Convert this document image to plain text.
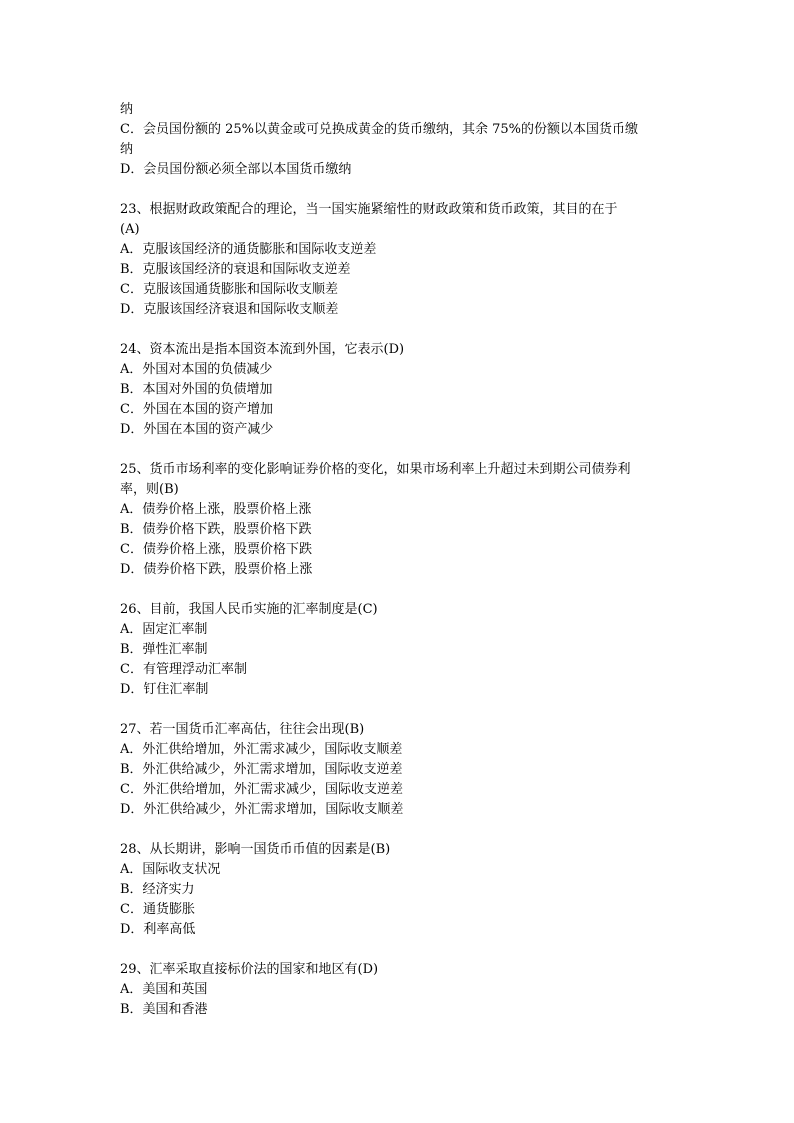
纳
C．会员国份额的 25%以黄金或可兑换成黄金的货币缴纳，其余 75%的份额以本国货币缴
纳
D．会员国份额必须全部以本国货币缴纳
23、根据财政政策配合的理论，当一国实施紧缩性的财政政策和货币政策，其目的在于
(A)
A．克服该国经济的通货膨胀和国际收支逆差
B．克服该国经济的衰退和国际收支逆差
C．克服该国通货膨胀和国际收支顺差
D．克服该国经济衰退和国际收支顺差
24、资本流出是指本国资本流到外国，它表示(D)
A．外国对本国的负债减少
B．本国对外国的负债增加
C．外国在本国的资产增加
D．外国在本国的资产减少
25、货币市场利率的变化影响证券价格的变化，如果市场利率上升超过未到期公司债券利
率，则(B)
A．债券价格上涨，股票价格上涨
B．债券价格下跌，股票价格下跌
C．债券价格上涨，股票价格下跌
D．债券价格下跌，股票价格上涨
26、目前，我国人民币实施的汇率制度是(C)
A．固定汇率制
B．弹性汇率制
C．有管理浮动汇率制
D．钉住汇率制
27、若一国货币汇率高估，往往会出现(B)
A．外汇供给增加，外汇需求减少，国际收支顺差
B．外汇供给减少，外汇需求增加，国际收支逆差
C．外汇供给增加，外汇需求减少，国际收支逆差
D．外汇供给减少，外汇需求增加，国际收支顺差
28、从长期讲，影响一国货币币值的因素是(B)
A．国际收支状况
B．经济实力
C．通货膨胀
D．利率高低
29、汇率采取直接标价法的国家和地区有(D)
A．美国和英国
B．美国和香港
